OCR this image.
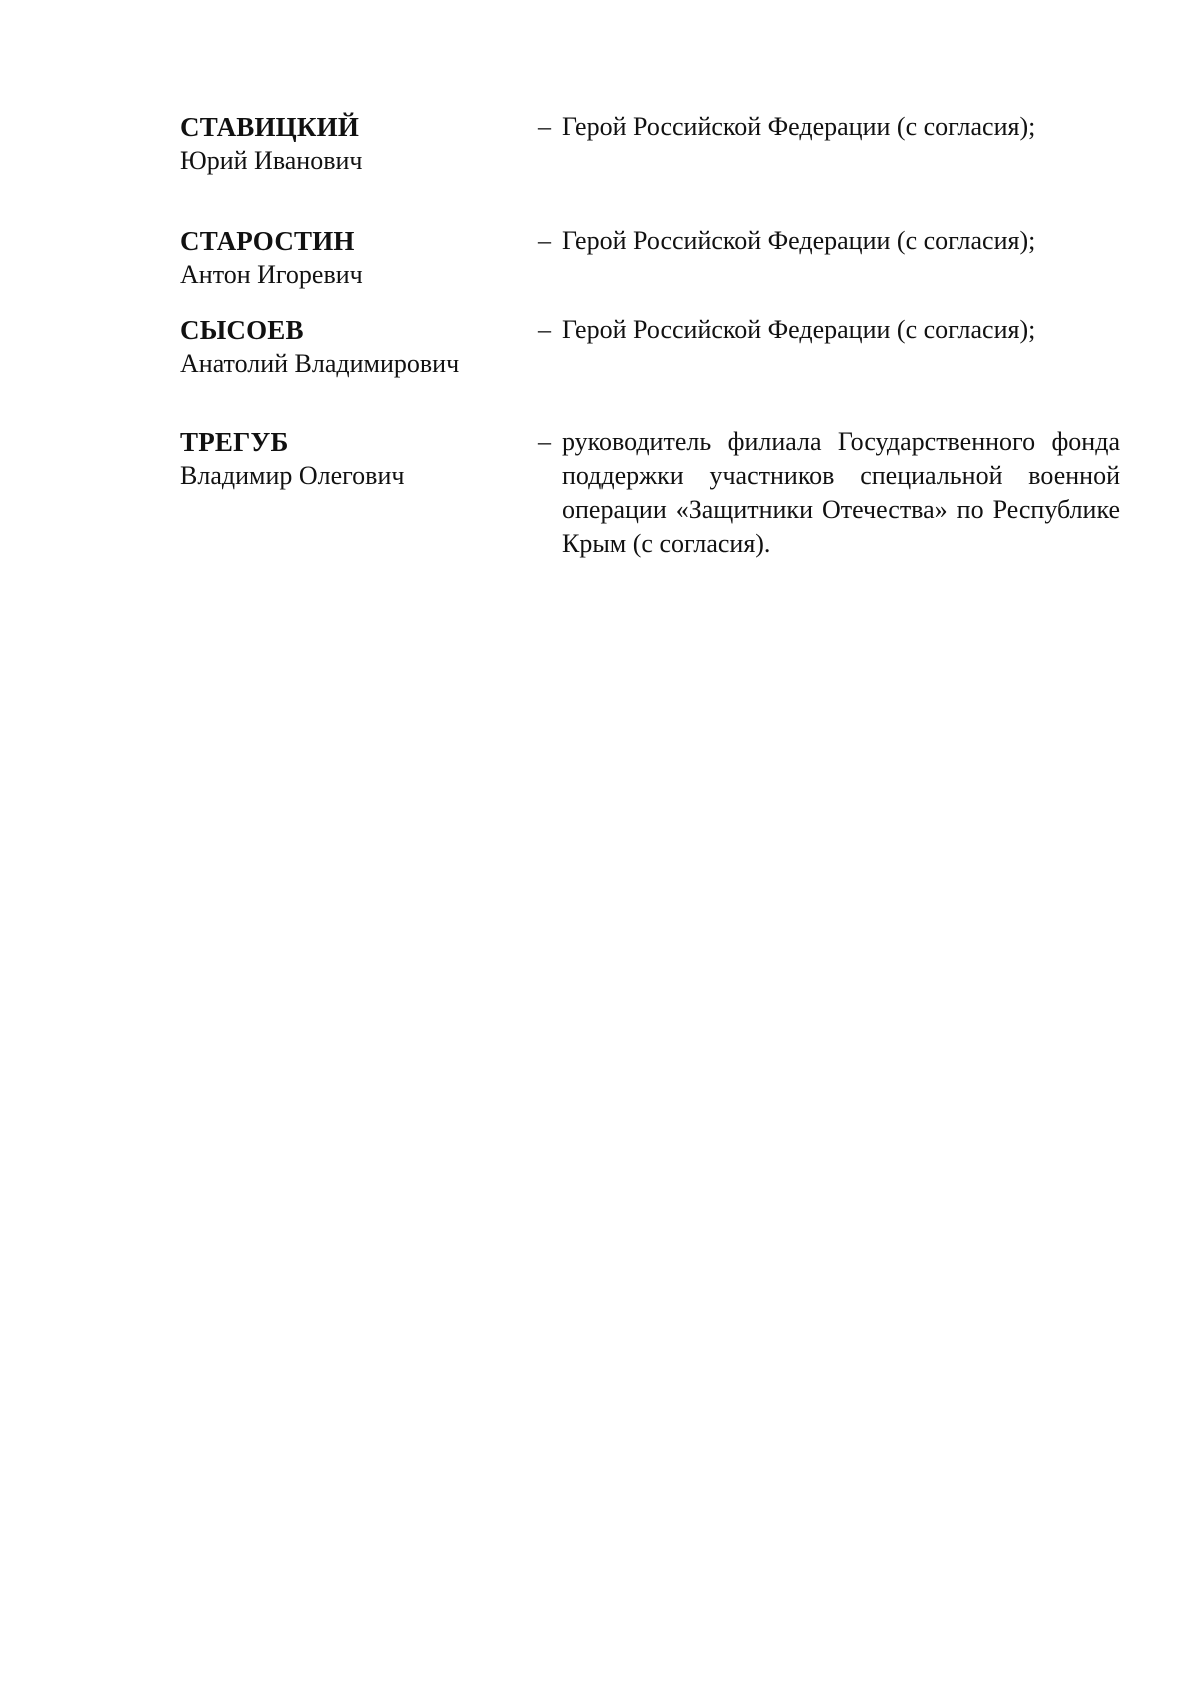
СТАВИЦКИЙ
Юрий Иванович
– Герой Российской Федерации (с согласия);
СТАРОСТИН
Антон Игоревич
– Герой Российской Федерации (с согласия);
СЫСОЕВ
Анатолий Владимирович
– Герой Российской Федерации (с согласия);
ТРЕГУБ
Владимир Олегович
– руководитель филиала Государственного фонда поддержки участников специальной военной операции «Защитники Отечества» по Республике Крым (с согласия).
